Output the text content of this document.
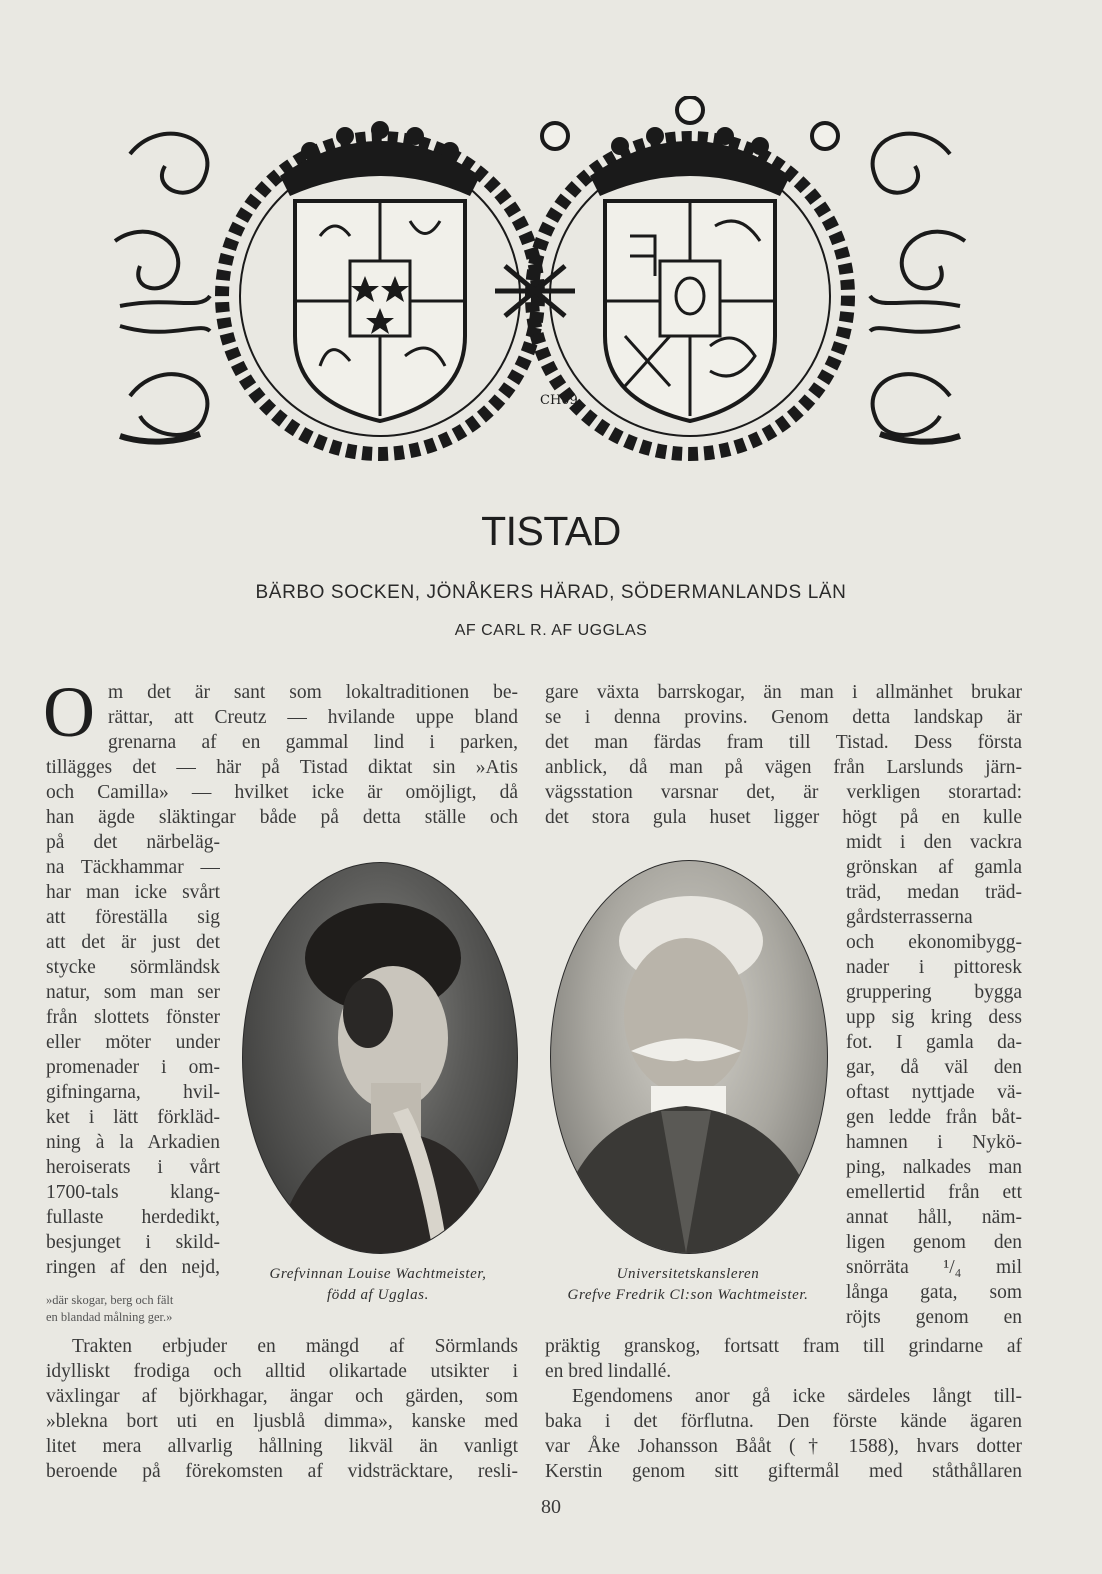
CH09
TISTAD
BÄRBO SOCKEN, JÖNÅKERS HÄRAD, SÖDERMANLANDS LÄN
AF CARL R. AF UGGLAS
O m det är sant som lokaltraditionen be-
rättar, att Creutz — hvilande uppe bland
grenarna af en gammal lind i parken,
tillägges det — här på Tistad diktat sin »Atis
och Camilla» — hvilket icke är omöjligt, då
han ägde släktingar både på detta ställe och
på det närbeläg-
na Täckhammar —
har man icke svårt
att föreställa sig
att det är just det
stycke sörmländsk
natur, som man ser
från slottets fönster
eller möter under
promenader i om-
gifningarna, hvil-
ket i lätt förkläd-
ning à la Arkadien
heroiserats i vårt
1700-tals klang-
fullaste herdedikt,
besjunget i skild-
ringen af den nejd,
»där skogar, berg och fält
en blandad målning ger.»
Grefvinnan Louise Wachtmeister,
född af Ugglas.
Universitetskansleren
Grefve Fredrik Cl:son Wachtmeister.
Trakten erbjuder en mängd af Sörmlands
idylliskt frodiga och alltid olikartade utsikter i
växlingar af björkhagar, ängar och gärden, som
»blekna bort uti en ljusblå dimma», kanske med
litet mera allvarlig hållning likväl än vanligt
beroende på förekomsten af vidsträcktare, resli-
gare växta barrskogar, än man i allmänhet brukar
se i denna provins. Genom detta landskap är
det man färdas fram till Tistad. Dess första
anblick, då man på vägen från Larslunds järn-
vägsstation varsnar det, är verkligen storartad:
det stora gula huset ligger högt på en kulle
midt i den vackra
grönskan af gamla
träd, medan träd-
gårdsterrasserna
och ekonomibygg-
nader i pittoresk
gruppering bygga
upp sig kring dess
fot. I gamla da-
gar, då väl den
oftast nyttjade vä-
gen ledde från båt-
hamnen i Nykö-
ping, nalkades man
emellertid från ett
annat håll, näm-
ligen genom den
snörräta ¹/₄ mil
långa gata, som
röjts genom en
präktig granskog, fortsatt fram till grindarne af
en bred lindallé.
Egendomens anor gå icke särdeles långt till-
baka i det förflutna. Den förste kände ägaren
var Åke Johansson Bååt († 1588), hvars dotter
Kerstin genom sitt giftermål med ståthållaren
80
